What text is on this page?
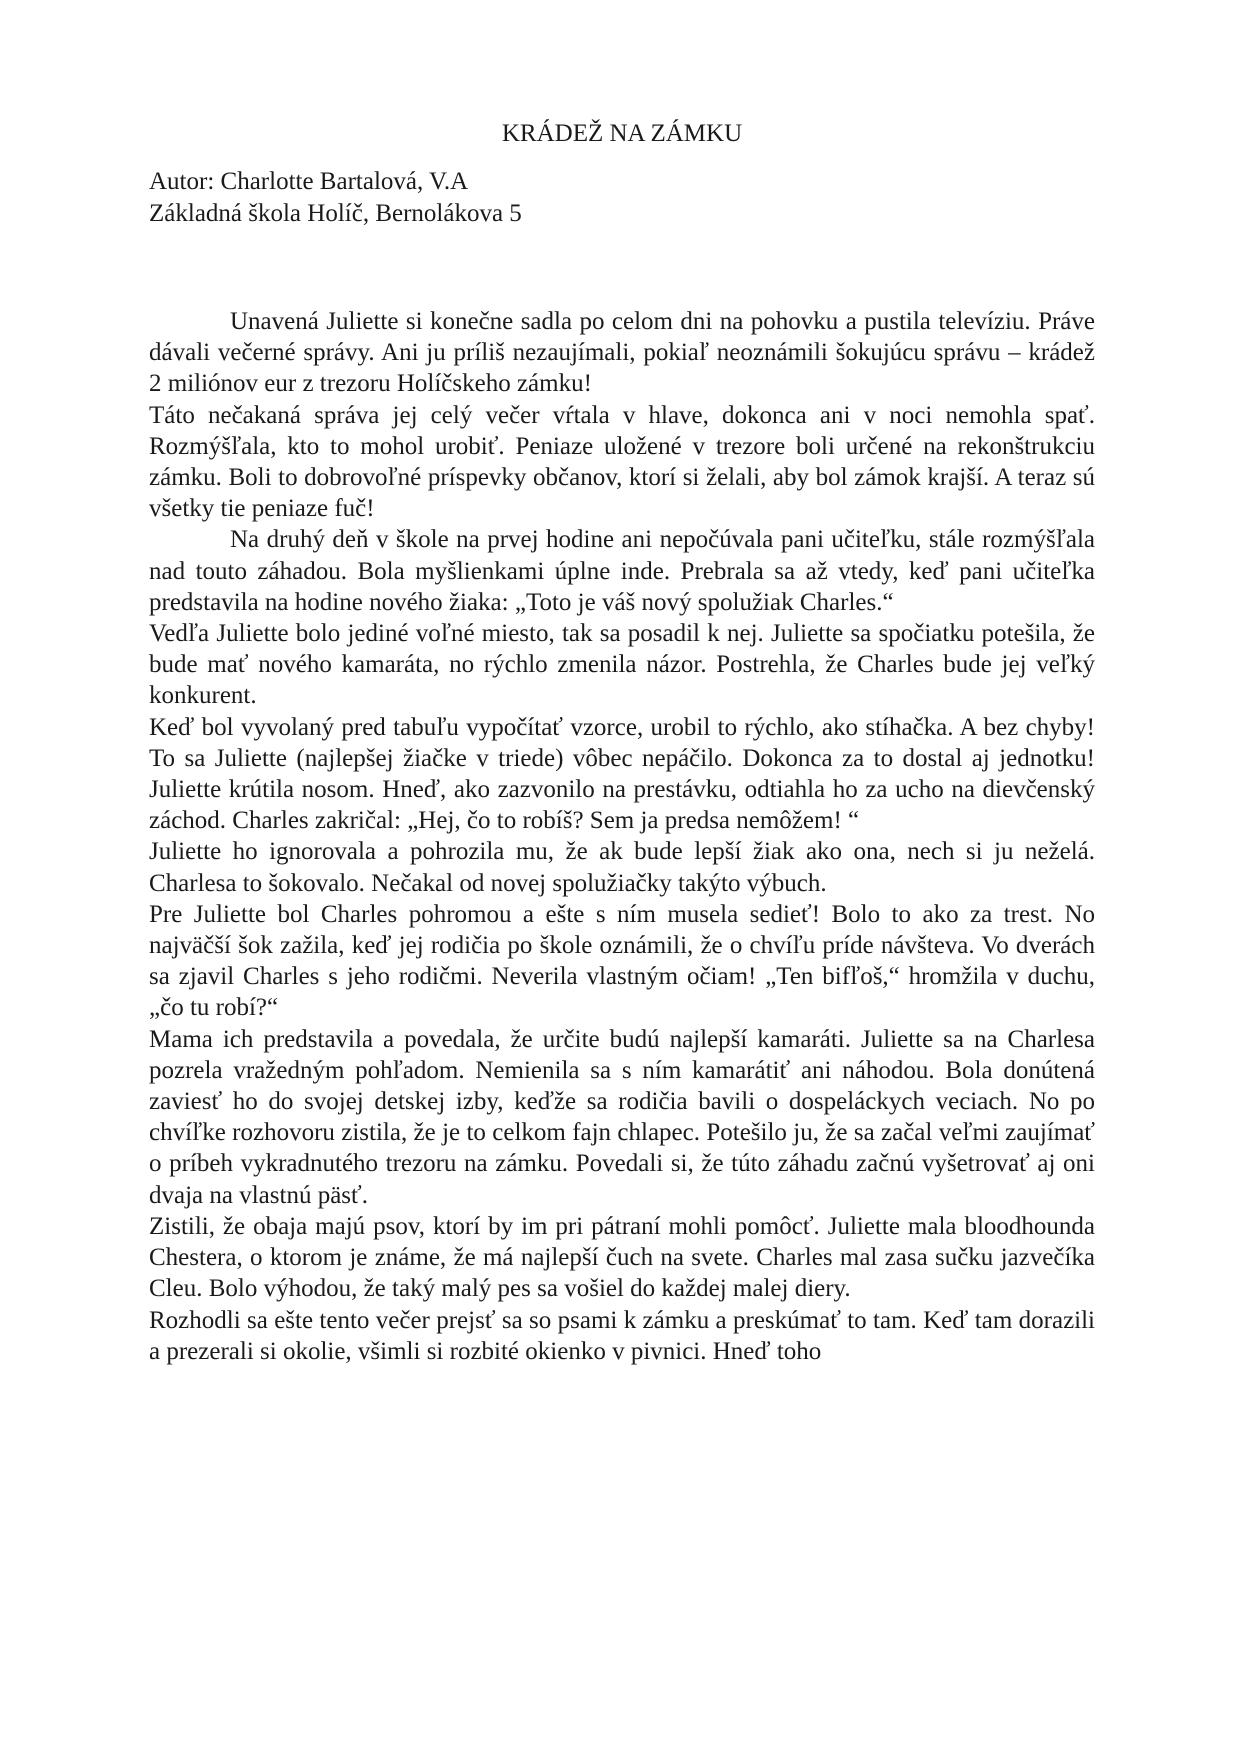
KRÁDEŽ NA ZÁMKU

Autor: Charlotte Bartalová, V.A

Základná škola Holíč, Bernolákova 5

Unavená Juliette si konečne sadla po celom dni na pohovku a pustila televíziu. Práve dávali večerné správy. Ani ju príliš nezaujímali, pokiaľ neoznámili šokujúcu správu – krádež 2 miliónov eur z trezoru Holíčskeho zámku!

Táto nečakaná správa jej celý večer vŕtala v hlave, dokonca ani v noci nemohla spať. Rozmýšľala, kto to mohol urobiť. Peniaze uložené v trezore boli určené na rekonštrukciu zámku. Boli to dobrovoľné príspevky občanov, ktorí si želali, aby bol zámok krajší. A teraz sú všetky tie peniaze fuč!

Na druhý deň v škole na prvej hodine ani nepočúvala pani učiteľku, stále rozmýšľala nad touto záhadou. Bola myšlienkami úplne inde. Prebrala sa až vtedy, keď pani učiteľka predstavila na hodine nového žiaka: „Toto je váš nový spolužiak Charles.“

Vedľa Juliette bolo jediné voľné miesto, tak sa posadil k nej. Juliette sa spočiatku potešila, že bude mať nového kamaráta, no rýchlo zmenila názor. Postrehla, že Charles bude jej veľký konkurent.

Keď bol vyvolaný pred tabuľu vypočítať vzorce, urobil to rýchlo, ako stíhačka. A bez chyby! To sa Juliette (najlepšej žiačke v triede) vôbec nepáčilo. Dokonca za to dostal aj jednotku! Juliette krútila nosom. Hneď, ako zazvonilo na prestávku, odtiahla ho za ucho na dievčenský záchod. Charles zakričal: „Hej, čo to robíš? Sem ja predsa nemôžem! “

Juliette ho ignorovala a pohrozila mu, že ak bude lepší žiak ako ona, nech si ju neželá. Charlesa to šokovalo. Nečakal od novej spolužiačky takýto výbuch.

Pre Juliette bol Charles pohromou a ešte s ním musela sedieť! Bolo to ako za trest. No najväčší šok zažila, keď jej rodičia po škole oznámili, že o chvíľu príde návšteva. Vo dverách sa zjavil Charles s jeho rodičmi. Neverila vlastným očiam! „Ten bifľoš,“ hromžila v duchu, „čo tu robí?“

Mama ich predstavila a povedala, že určite budú najlepší kamaráti. Juliette sa na Charlesa pozrela vražedným pohľadom. Nemienila sa s ním kamarátiť ani náhodou. Bola donútená zaviesť ho do svojej detskej izby, keďže sa rodičia bavili o dospeláckych veciach. No po chvíľke rozhovoru zistila, že je to celkom fajn chlapec. Potešilo ju, že sa začal veľmi zaujímať o príbeh vykradnutého trezoru na zámku. Povedali si, že túto záhadu začnú vyšetrovať aj oni dvaja na vlastnú päsť.

Zistili, že obaja majú psov, ktorí by im pri pátraní mohli pomôcť. Juliette mala bloodhounda Chestera, o ktorom je známe, že má najlepší čuch na svete. Charles mal zasa sučku jazvečíka Cleu. Bolo výhodou, že taký malý pes sa vošiel do každej malej diery.

Rozhodli sa ešte tento večer prejsť sa so psami k zámku a preskúmať to tam. Keď tam dorazili a prezerali si okolie, všimli si rozbité okienko v pivnici. Hneď toho
